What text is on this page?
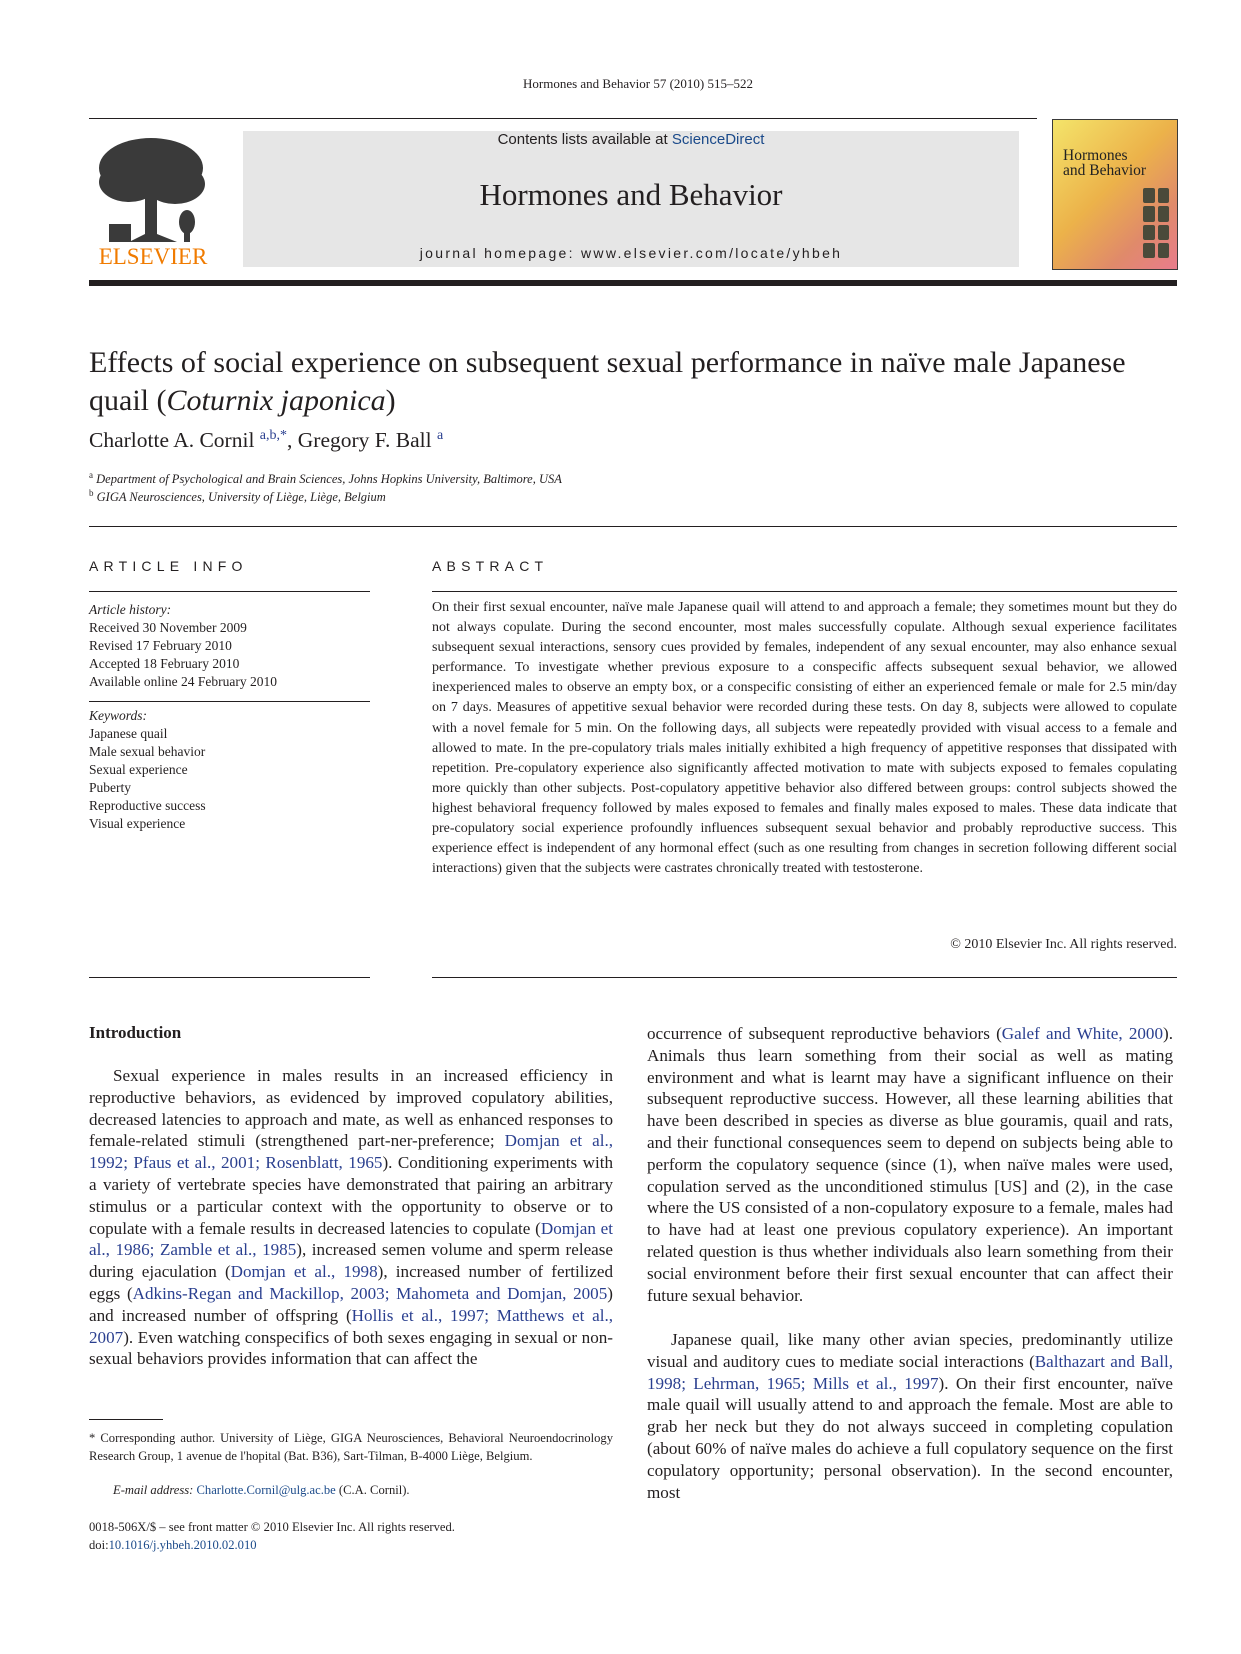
Hormones and Behavior 57 (2010) 515–522
ELSEVIER
Contents lists available at ScienceDirect
Hormones and Behavior
journal homepage: www.elsevier.com/locate/yhbeh
Hormones
and Behavior
Effects of social experience on subsequent sexual performance in naïve male Japanese quail (Coturnix japonica)
Charlotte A. Cornil $^{a,b,*}$, Gregory F. Ball $^a$
$^a$ Department of Psychological and Brain Sciences, Johns Hopkins University, Baltimore, USA
$^b$ GIGA Neurosciences, University of Liège, Liège, Belgium
ARTICLE INFO	ABSTRACT
Article history:
Received 30 November 2009
Revised 17 February 2010
Accepted 18 February 2010
Available online 24 February 2010
Keywords:
Japanese quail
Male sexual behavior
Sexual experience
Puberty
Reproductive success
Visual experience
On their first sexual encounter, naïve male Japanese quail will attend to and approach a female; they sometimes mount but they do not always copulate. During the second encounter, most males successfully copulate. Although sexual experience facilitates subsequent sexual interactions, sensory cues provided by females, independent of any sexual encounter, may also enhance sexual performance. To investigate whether previous exposure to a conspecific affects subsequent sexual behavior, we allowed inexperienced males to observe an empty box, or a conspecific consisting of either an experienced female or male for 2.5 min/day on 7 days. Measures of appetitive sexual behavior were recorded during these tests. On day 8, subjects were allowed to copulate with a novel female for 5 min. On the following days, all subjects were repeatedly provided with visual access to a female and allowed to mate. In the pre-copulatory trials males initially exhibited a high frequency of appetitive responses that dissipated with repetition. Pre-copulatory experience also significantly affected motivation to mate with subjects exposed to females copulating more quickly than other subjects. Post-copulatory appetitive behavior also differed between groups: control subjects showed the highest behavioral frequency followed by males exposed to females and finally males exposed to males. These data indicate that pre-copulatory social experience profoundly influences subsequent sexual behavior and probably reproductive success. This experience effect is independent of any hormonal effect (such as one resulting from changes in secretion following different social interactions) given that the subjects were castrates chronically treated with testosterone.
© 2010 Elsevier Inc. All rights reserved.
Introduction
Sexual experience in males results in an increased efficiency in reproductive behaviors, as evidenced by improved copulatory abilities, decreased latencies to approach and mate, as well as enhanced responses to female-related stimuli (strengthened part-ner-preference; Domjan et al., 1992; Pfaus et al., 2001; Rosenblatt, 1965). Conditioning experiments with a variety of vertebrate species have demonstrated that pairing an arbitrary stimulus or a particular context with the opportunity to observe or to copulate with a female results in decreased latencies to copulate (Domjan et al., 1986; Zamble et al., 1985), increased semen volume and sperm release during ejaculation (Domjan et al., 1998), increased number of fertilized eggs (Adkins-Regan and Mackillop, 2003; Mahometa and Domjan, 2005) and increased number of offspring (Hollis et al., 1997; Matthews et al., 2007). Even watching conspecifics of both sexes engaging in sexual or non-sexual behaviors provides information that can affect the
occurrence of subsequent reproductive behaviors (Galef and White, 2000). Animals thus learn something from their social as well as mating environment and what is learnt may have a significant influence on their subsequent reproductive success. However, all these learning abilities that have been described in species as diverse as blue gouramis, quail and rats, and their functional consequences seem to depend on subjects being able to perform the copulatory sequence (since (1), when naïve males were used, copulation served as the unconditioned stimulus [US] and (2), in the case where the US consisted of a non-copulatory exposure to a female, males had to have had at least one previous copulatory experience). An important related question is thus whether individuals also learn something from their social environment before their first sexual encounter that can affect their future sexual behavior.
Japanese quail, like many other avian species, predominantly utilize visual and auditory cues to mediate social interactions (Balthazart and Ball, 1998; Lehrman, 1965; Mills et al., 1997). On their first encounter, naïve male quail will usually attend to and approach the female. Most are able to grab her neck but they do not always succeed in completing copulation (about 60% of naïve males do achieve a full copulatory sequence on the first copulatory opportunity; personal observation). In the second encounter, most
* Corresponding author. University of Liège, GIGA Neurosciences, Behavioral Neuroendocrinology Research Group, 1 avenue de l'hopital (Bat. B36), Sart-Tilman, B-4000 Liège, Belgium.
E-mail address: Charlotte.Cornil@ulg.ac.be (C.A. Cornil).
0018-506X/$ – see front matter © 2010 Elsevier Inc. All rights reserved.
doi:10.1016/j.yhbeh.2010.02.010
